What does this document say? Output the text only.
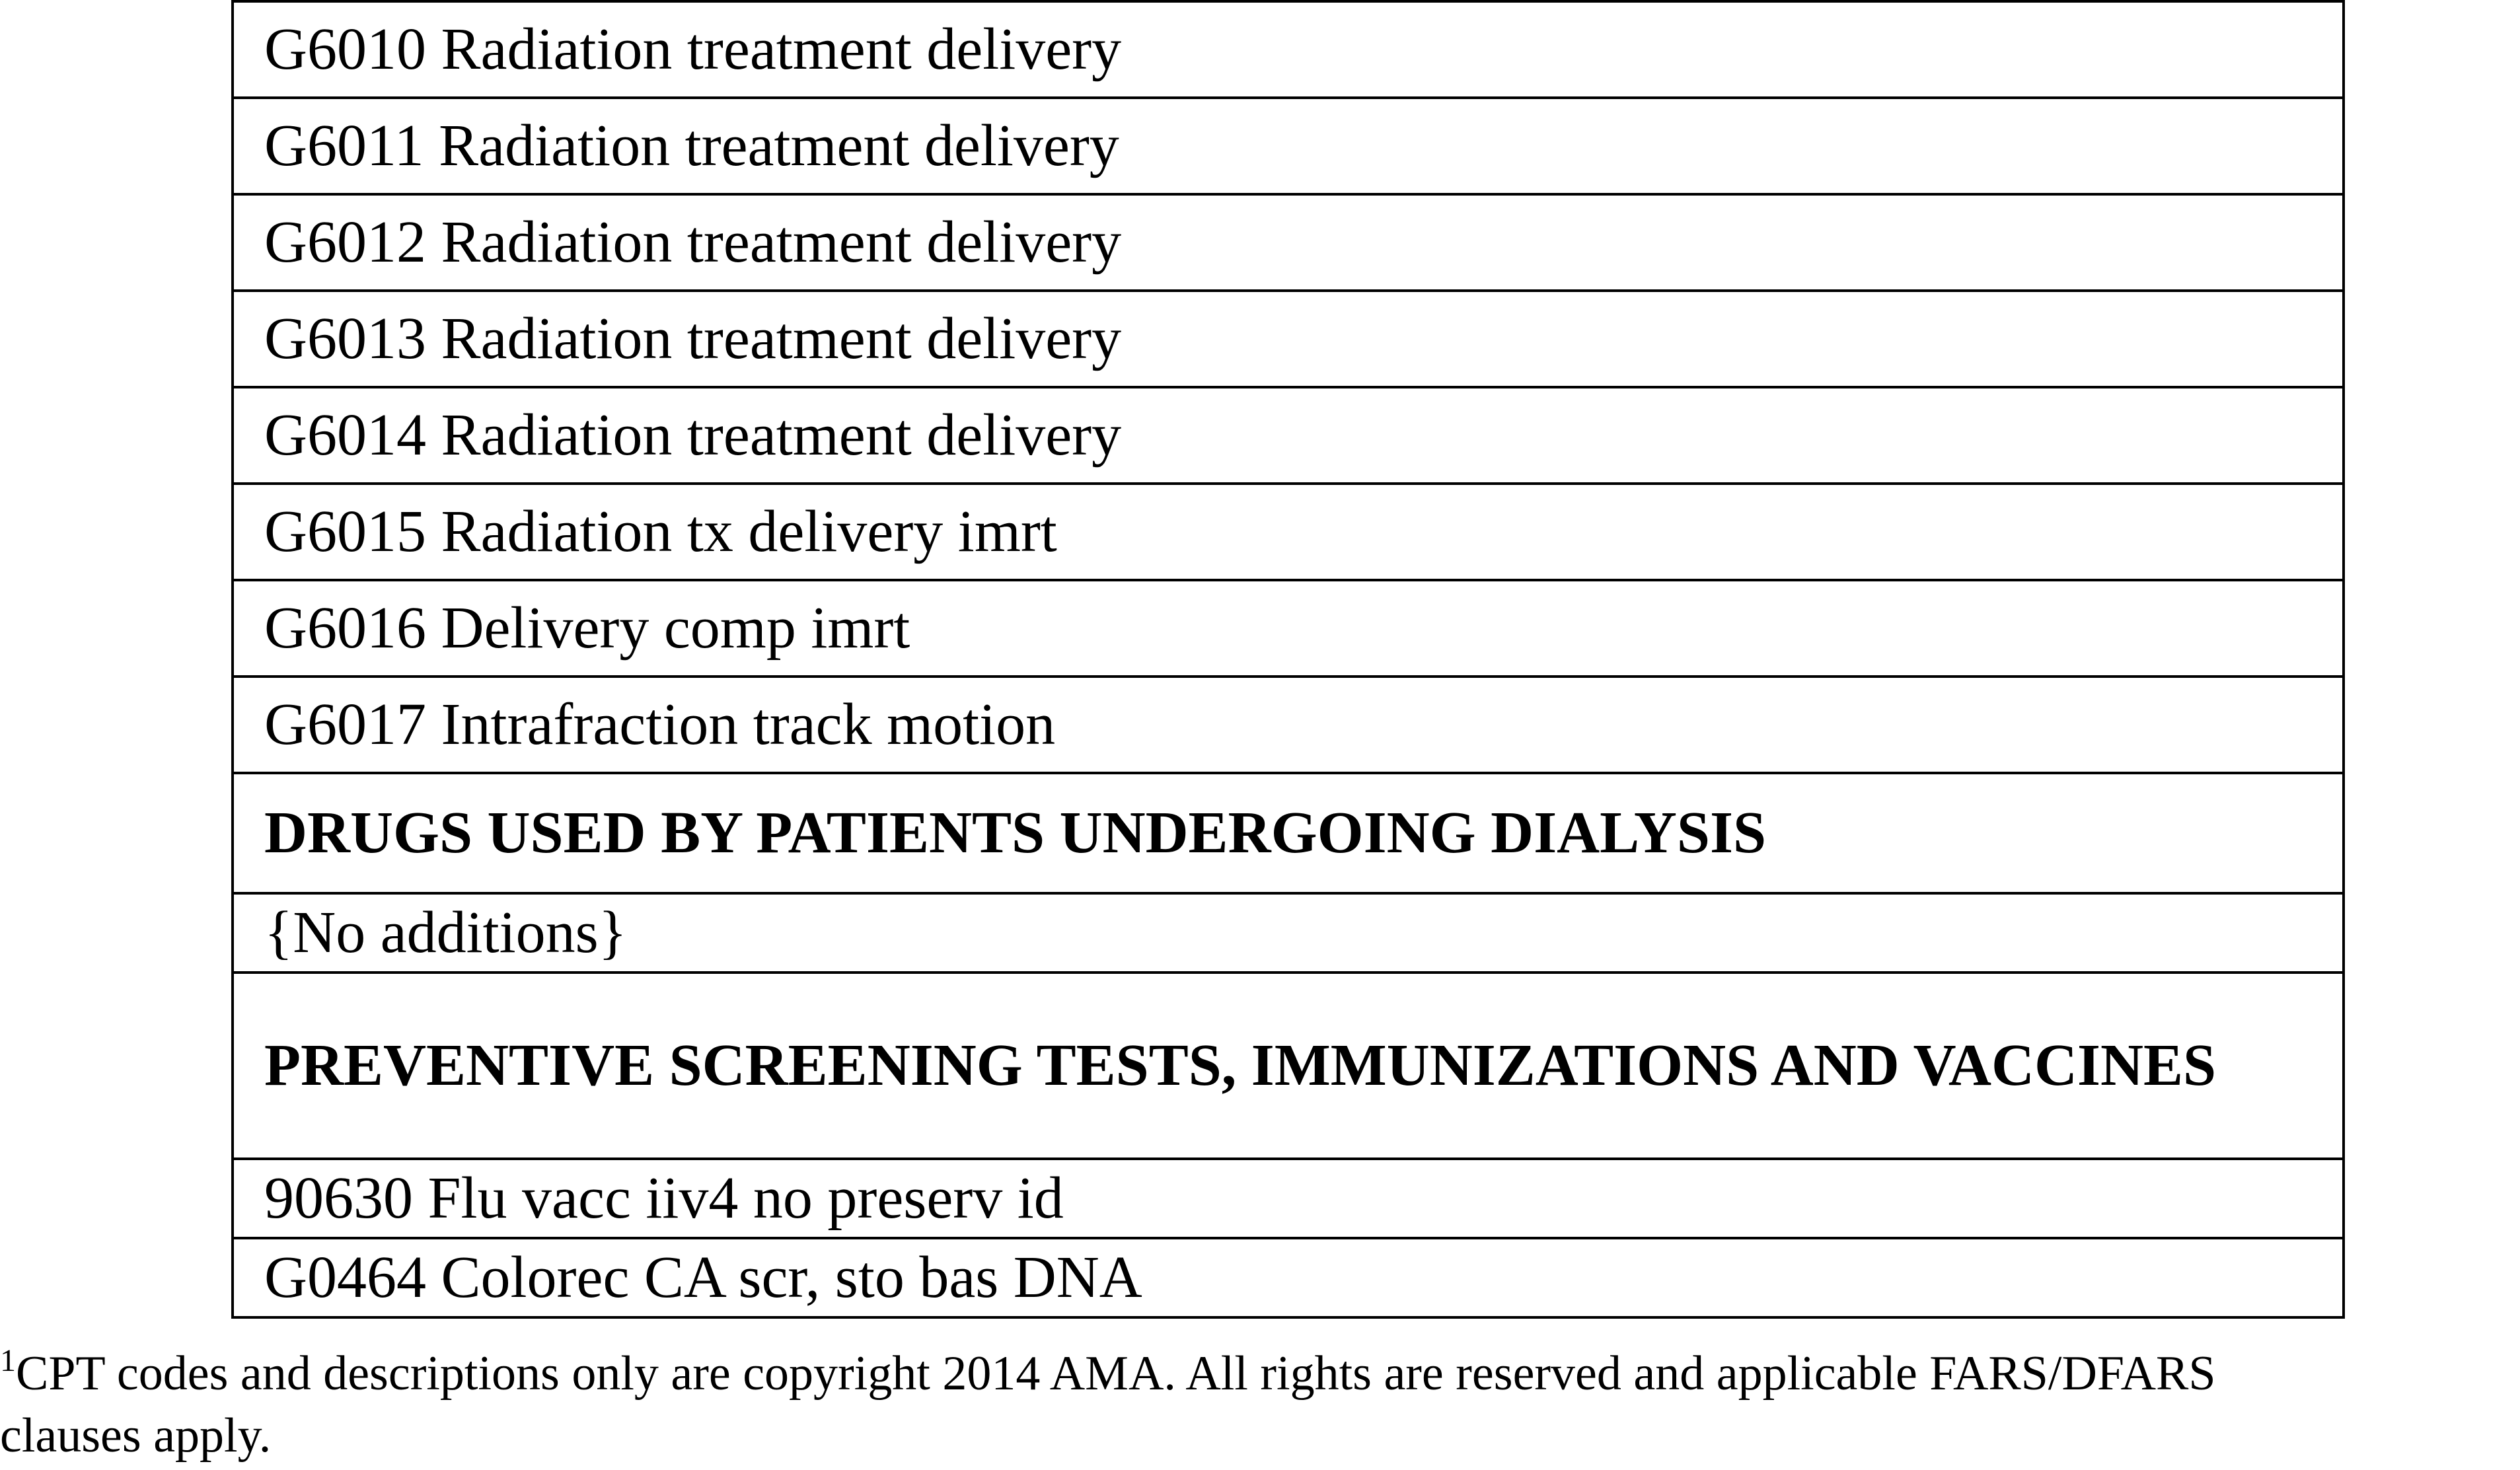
G6010 Radiation treatment delivery
G6011 Radiation treatment delivery
G6012 Radiation treatment delivery
G6013 Radiation treatment delivery
G6014 Radiation treatment delivery
G6015 Radiation tx delivery imrt
G6016 Delivery comp imrt
G6017 Intrafraction track motion
DRUGS USED BY PATIENTS UNDERGOING DIALYSIS
{No additions}
PREVENTIVE SCREENING TESTS, IMMUNIZATIONS AND VACCINES
90630 Flu vacc iiv4 no preserv id
G0464 Colorec CA scr, sto bas DNA
$^1$CPT codes and descriptions only are copyright 2014 AMA. All rights are reserved and applicable FARS/DFARS
clauses apply.
